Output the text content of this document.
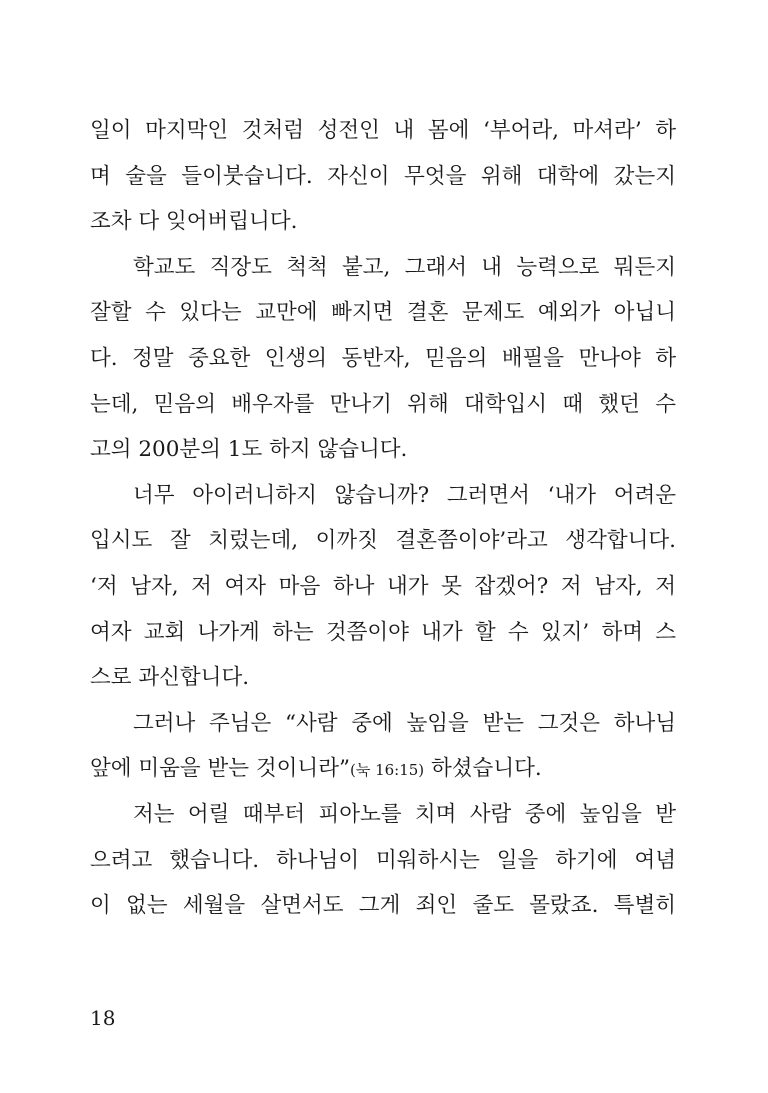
일이 마지막인 것처럼 성전인 내 몸에 ‘부어라, 마셔라’ 하
며 술을 들이붓습니다. 자신이 무엇을 위해 대학에 갔는지
조차 다 잊어버립니다.
학교도 직장도 척척 붙고, 그래서 내 능력으로 뭐든지
잘할 수 있다는 교만에 빠지면 결혼 문제도 예외가 아닙니
다. 정말 중요한 인생의 동반자, 믿음의 배필을 만나야 하
는데, 믿음의 배우자를 만나기 위해 대학입시 때 했던 수
고의 200분의 1도 하지 않습니다.
너무 아이러니하지 않습니까? 그러면서 ‘내가 어려운
입시도 잘 치렀는데, 이까짓 결혼쯤이야’라고 생각합니다.
‘저 남자, 저 여자 마음 하나 내가 못 잡겠어? 저 남자, 저
여자 교회 나가게 하는 것쯤이야 내가 할 수 있지’ 하며 스
스로 과신합니다.
그러나 주님은 “사람 중에 높임을 받는 그것은 하나님
앞에 미움을 받는 것이니라”(눅 16:15) 하셨습니다.
저는 어릴 때부터 피아노를 치며 사람 중에 높임을 받
으려고 했습니다. 하나님이 미워하시는 일을 하기에 여념
이 없는 세월을 살면서도 그게 죄인 줄도 몰랐죠. 특별히
18
